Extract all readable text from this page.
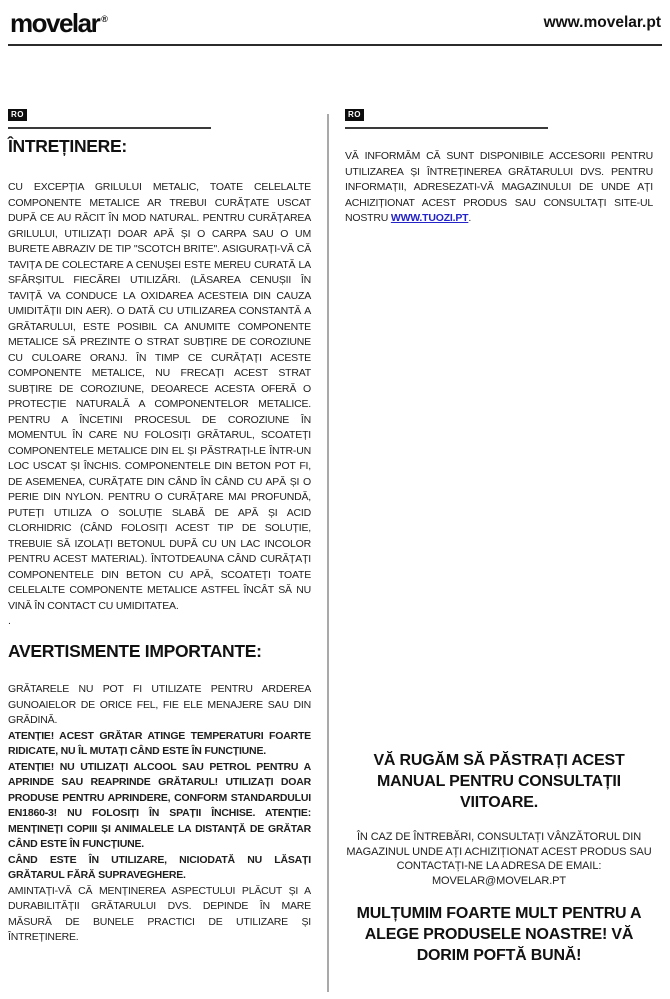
movelar ®	www.movelar.pt
RO
ÎNTREȚINERE:
CU EXCEPȚIA GRILULUI METALIC, TOATE CELELALTE COMPONENTE METALICE AR TREBUI CURĂȚATE USCAT DUPĂ CE AU RĂCIT ÎN MOD NATURAL. PENTRU CURĂȚAREA GRILULUI, UTILIZAȚI DOAR APĂ ȘI O CARPA SAU O UM BURETE ABRAZIV DE TIP "SCOTCH BRITE". ASIGURAȚI-VĂ CĂ TAVIȚA DE COLECTARE A CENUȘEI ESTE MEREU CURATĂ LA SFÂRȘITUL FIECĂREI UTILIZĂRI. (LĂSAREA CENUȘII ÎN TAVIȚĂ VA CONDUCE LA OXIDAREA ACESTEIA DIN CAUZA UMIDITĂȚII DIN AER). O DATĂ CU UTILIZAREA CONSTANTĂ A GRĂTARULUI, ESTE POSIBIL CA ANUMITE COMPONENTE METALICE SĂ PREZINTE O STRAT SUBȚIRE DE COROZIUNE CU CULOARE ORANJ. ÎN TIMP CE CURĂȚAȚI ACESTE COMPONENTE METALICE, NU FRECAȚI ACEST STRAT SUBȚIRE DE COROZIUNE, DEOARECE ACESTA OFERĂ O PROTECȚIE NATURALĂ A COMPONENTELOR METALICE. PENTRU A ÎNCETINI PROCESUL DE COROZIUNE ÎN MOMENTUL ÎN CARE NU FOLOSIȚI GRĂTARUL, SCOATEȚI COMPONENTELE METALICE DIN EL ȘI PĂSTRAȚI-LE ÎNTR-UN LOC USCAT ȘI ÎNCHIS. COMPONENTELE DIN BETON POT FI, DE ASEMENEA, CURĂȚATE DIN CÂND ÎN CÂND CU APĂ ȘI O PERIE DIN NYLON. PENTRU O CURĂȚARE MAI PROFUNDĂ, PUTEȚI UTILIZA O SOLUȚIE SLABĂ DE APĂ ȘI ACID CLORHIDRIC (CÂND FOLOSIȚI ACEST TIP DE SOLUȚIE, TREBUIE SĂ IZOLAȚI BETONUL DUPĂ CU UN LAC INCOLOR PENTRU ACEST MATERIAL). ÎNTOTDEAUNA CÂND CURĂȚAȚI COMPONENTELE DIN BETON CU APĂ, SCOATEȚI TOATE CELELALTE COMPONENTE METALICE ASTFEL ÎNCÂT SĂ NU VINĂ ÎN CONTACT CU UMIDITATEA.
.
AVERTISMENTE IMPORTANTE:
GRĂTARELE NU POT FI UTILIZATE PENTRU ARDEREA GUNOAIELOR DE ORICE FEL, FIE ELE MENAJERE SAU DIN GRĂDINĂ.
ATENȚIE! ACEST GRĂTAR ATINGE TEMPERATURI FOARTE RIDICATE, NU ÎL MUTAȚI CÂND ESTE ÎN FUNCȚIUNE.
ATENȚIE! NU UTILIZAȚI ALCOOL SAU PETROL PENTRU A APRINDE SAU REAPRINDE GRĂTARUL! UTILIZAȚI DOAR PRODUSE PENTRU APRINDERE, CONFORM STANDARDULUI EN1860-3! NU FOLOSIȚI ÎN SPAȚII ÎNCHISE. ATENȚIE: MENȚINEȚI COPIII ȘI ANIMALELE LA DISTANȚĂ DE GRĂTAR CÂND ESTE ÎN FUNCȚIUNE.
CÂND ESTE ÎN UTILIZARE, NICIODATĂ NU LĂSAȚI GRĂTARUL FĂRĂ SUPRAVEGHERE.
AMINTAȚI-VĂ CĂ MENȚINEREA ASPECTULUI PLĂCUT ȘI A DURABILITĂȚII GRĂTARULUI DVS. DEPINDE ÎN MARE MĂSURĂ DE BUNELE PRACTICI DE UTILIZARE ȘI ÎNTREȚINERE.
RO
VĂ INFORMĂM CĂ SUNT DISPONIBILE ACCESORII PENTRU UTILIZAREA ȘI ÎNTREȚINEREA GRĂTARULUI DVS. PENTRU INFORMAȚII, ADRESEZATI-VĂ MAGAZINULUI DE UNDE AȚI ACHIZIȚIONAT ACEST PRODUS SAU CONSULTAȚI SITE-UL NOSTRU WWW.TUOZI.PT.
VĂ RUGĂM SĂ PĂSTRAȚI ACEST MANUAL PENTRU CONSULTAȚII VIITOARE.
ÎN CAZ DE ÎNTREBĂRI, CONSULTAȚI VÂNZĂTORUL DIN MAGAZINUL UNDE AȚI ACHIZIȚIONAT ACEST PRODUS SAU CONTACTAȚI-NE LA ADRESA DE EMAIL:
MOVELAR@MOVELAR.PT
MULȚUMIM FOARTE MULT PENTRU A ALEGE PRODUSELE NOASTRE! VĂ DORIM POFTĂ BUNĂ!
